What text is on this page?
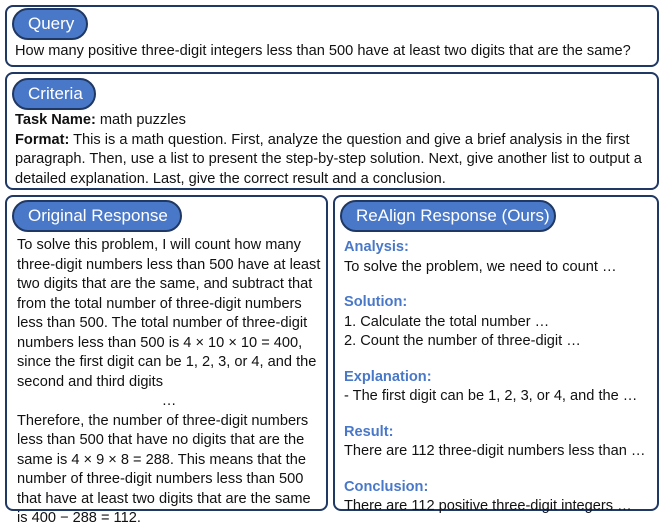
Query
How many positive three-digit integers less than 500 have at least two digits that are the same?
Criteria
Task Name: math puzzles
Format: This is a math question. First, analyze the question and give a brief analysis in the first paragraph. Then, use a list to present the step-by-step solution. Next, give another list to output a detailed explanation. Last, give the correct result and a conclusion.
Original Response
To solve this problem, I will count how many three-digit numbers less than 500 have at least two digits that are the same, and subtract that from the total number of three-digit numbers less than 500. The total number of three-digit numbers less than 500 is 4 × 10 × 10 = 400, since the first digit can be 1, 2, 3, or 4, and the second and third digits
…
Therefore, the number of three-digit numbers less than 500 that have no digits that are the same is 4 × 9 × 8 = 288. This means that the number of three-digit numbers less than 500 that have at least two digits that are the same is 400 − 288 = 112.
ReAlign Response (Ours)
Analysis:
To solve the problem, we need to count …
Solution:
1. Calculate the total number …
2. Count the number of three-digit …
Explanation:
- The first digit can be 1, 2, 3, or 4, and the …
Result:
There are 112 three-digit numbers less than …
Conclusion:
There are 112 positive three-digit integers …
